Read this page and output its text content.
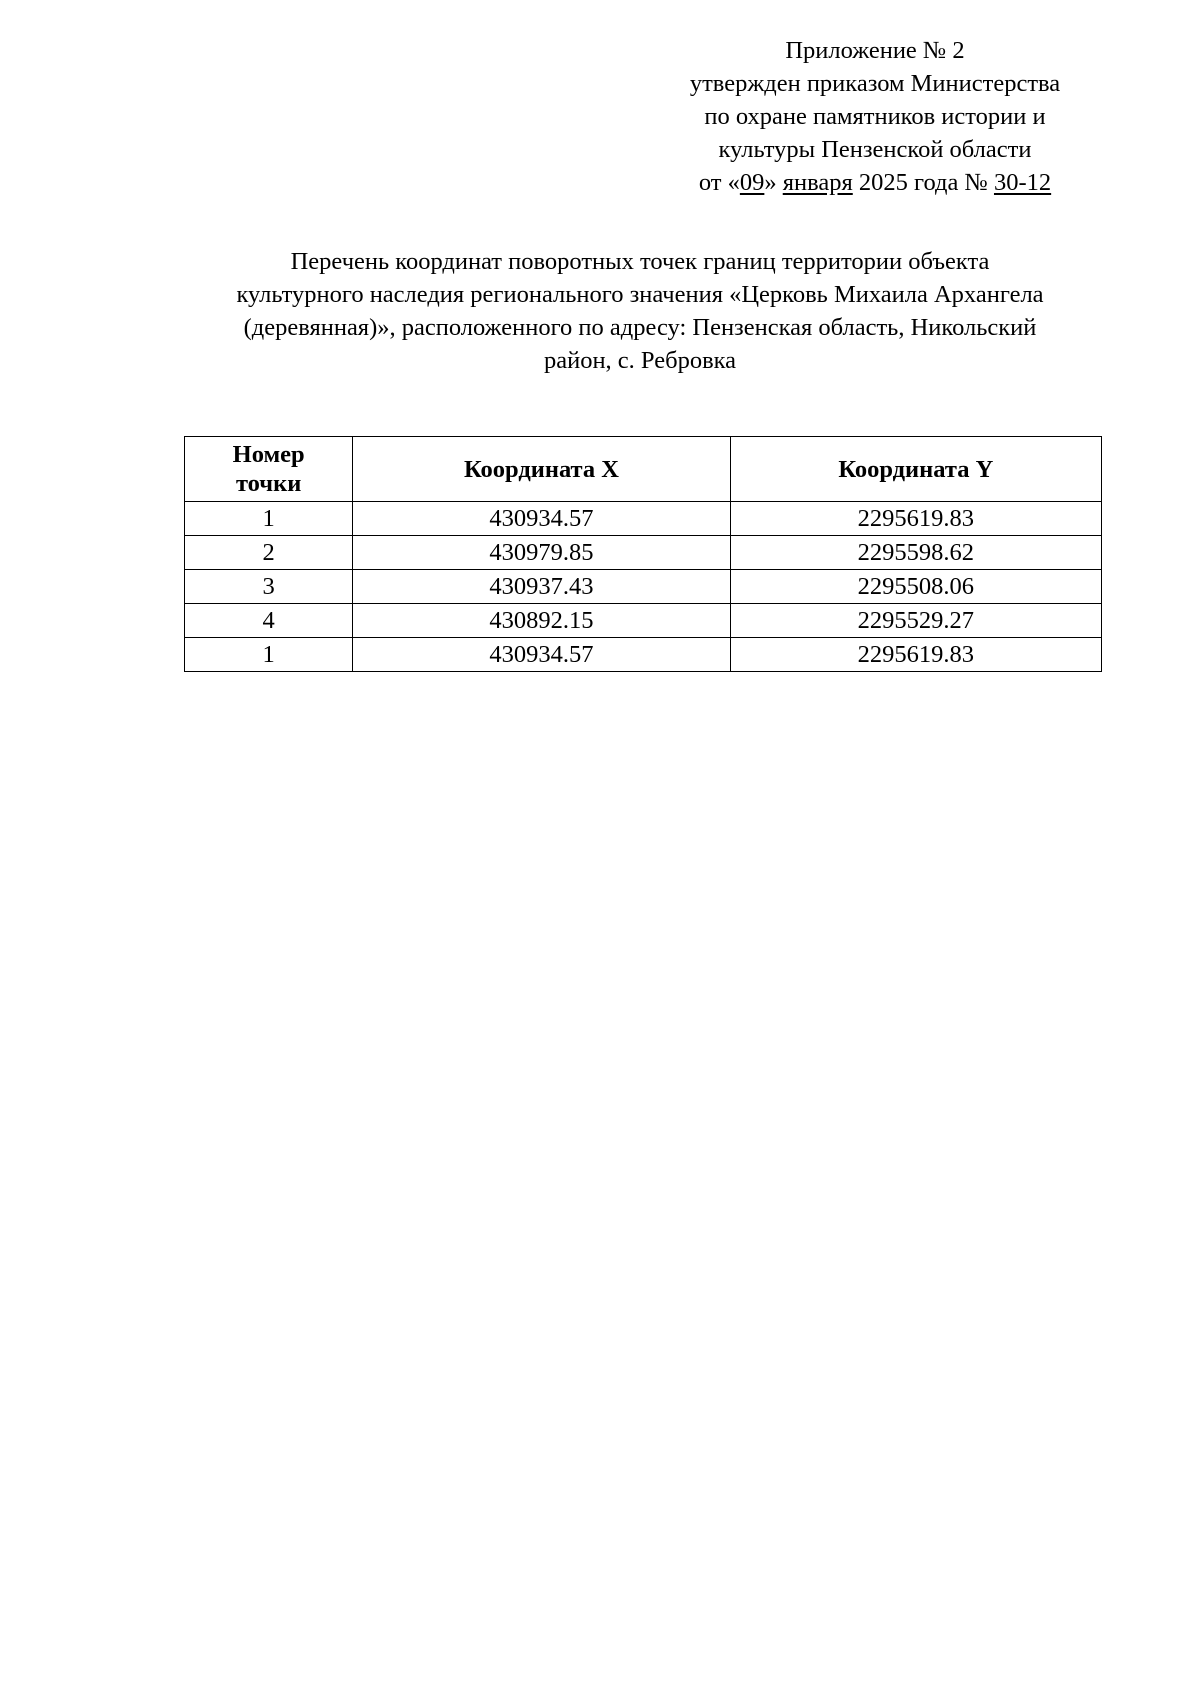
Приложение № 2
утвержден приказом Министерства
по охране памятников истории и
культуры Пензенской области
от «09» января 2025 года № 30-12
Перечень координат поворотных точек границ территории объекта
культурного наследия регионального значения «Церковь Михаила Архангела
(деревянная)», расположенного по адресу: Пензенская область, Никольский
район, с. Ребровка
Номер
точки	Координата X	Координата Y
1	430934.57	2295619.83
2	430979.85	2295598.62
3	430937.43	2295508.06
4	430892.15	2295529.27
1	430934.57	2295619.83
